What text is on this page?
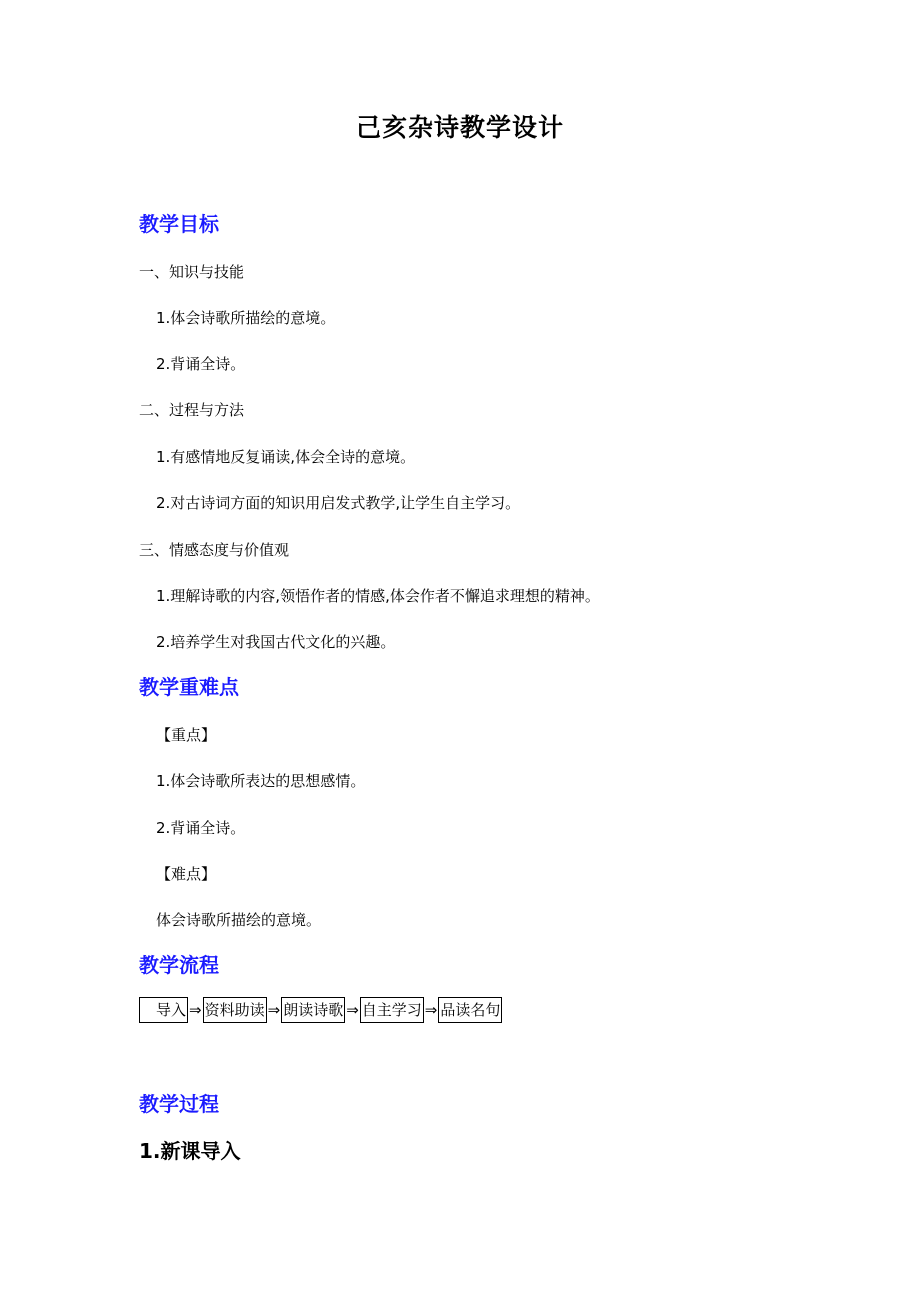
己亥杂诗教学设计
教学目标
一、知识与技能
1.体会诗歌所描绘的意境。
2.背诵全诗。
二、过程与方法
1.有感情地反复诵读,体会全诗的意境。
2.对古诗词方面的知识用启发式教学,让学生自主学习。
三、情感态度与价值观
1.理解诗歌的内容,领悟作者的情感,体会作者不懈追求理想的精神。
2.培养学生对我国古代文化的兴趣。
教学重难点
【重点】
1.体会诗歌所表达的思想感情。
2.背诵全诗。
【难点】
体会诗歌所描绘的意境。
教学流程
导入 ⇒ 资料助读 ⇒ 朗读诗歌 ⇒ 自主学习 ⇒ 品读名句
教学过程
1.新课导入
